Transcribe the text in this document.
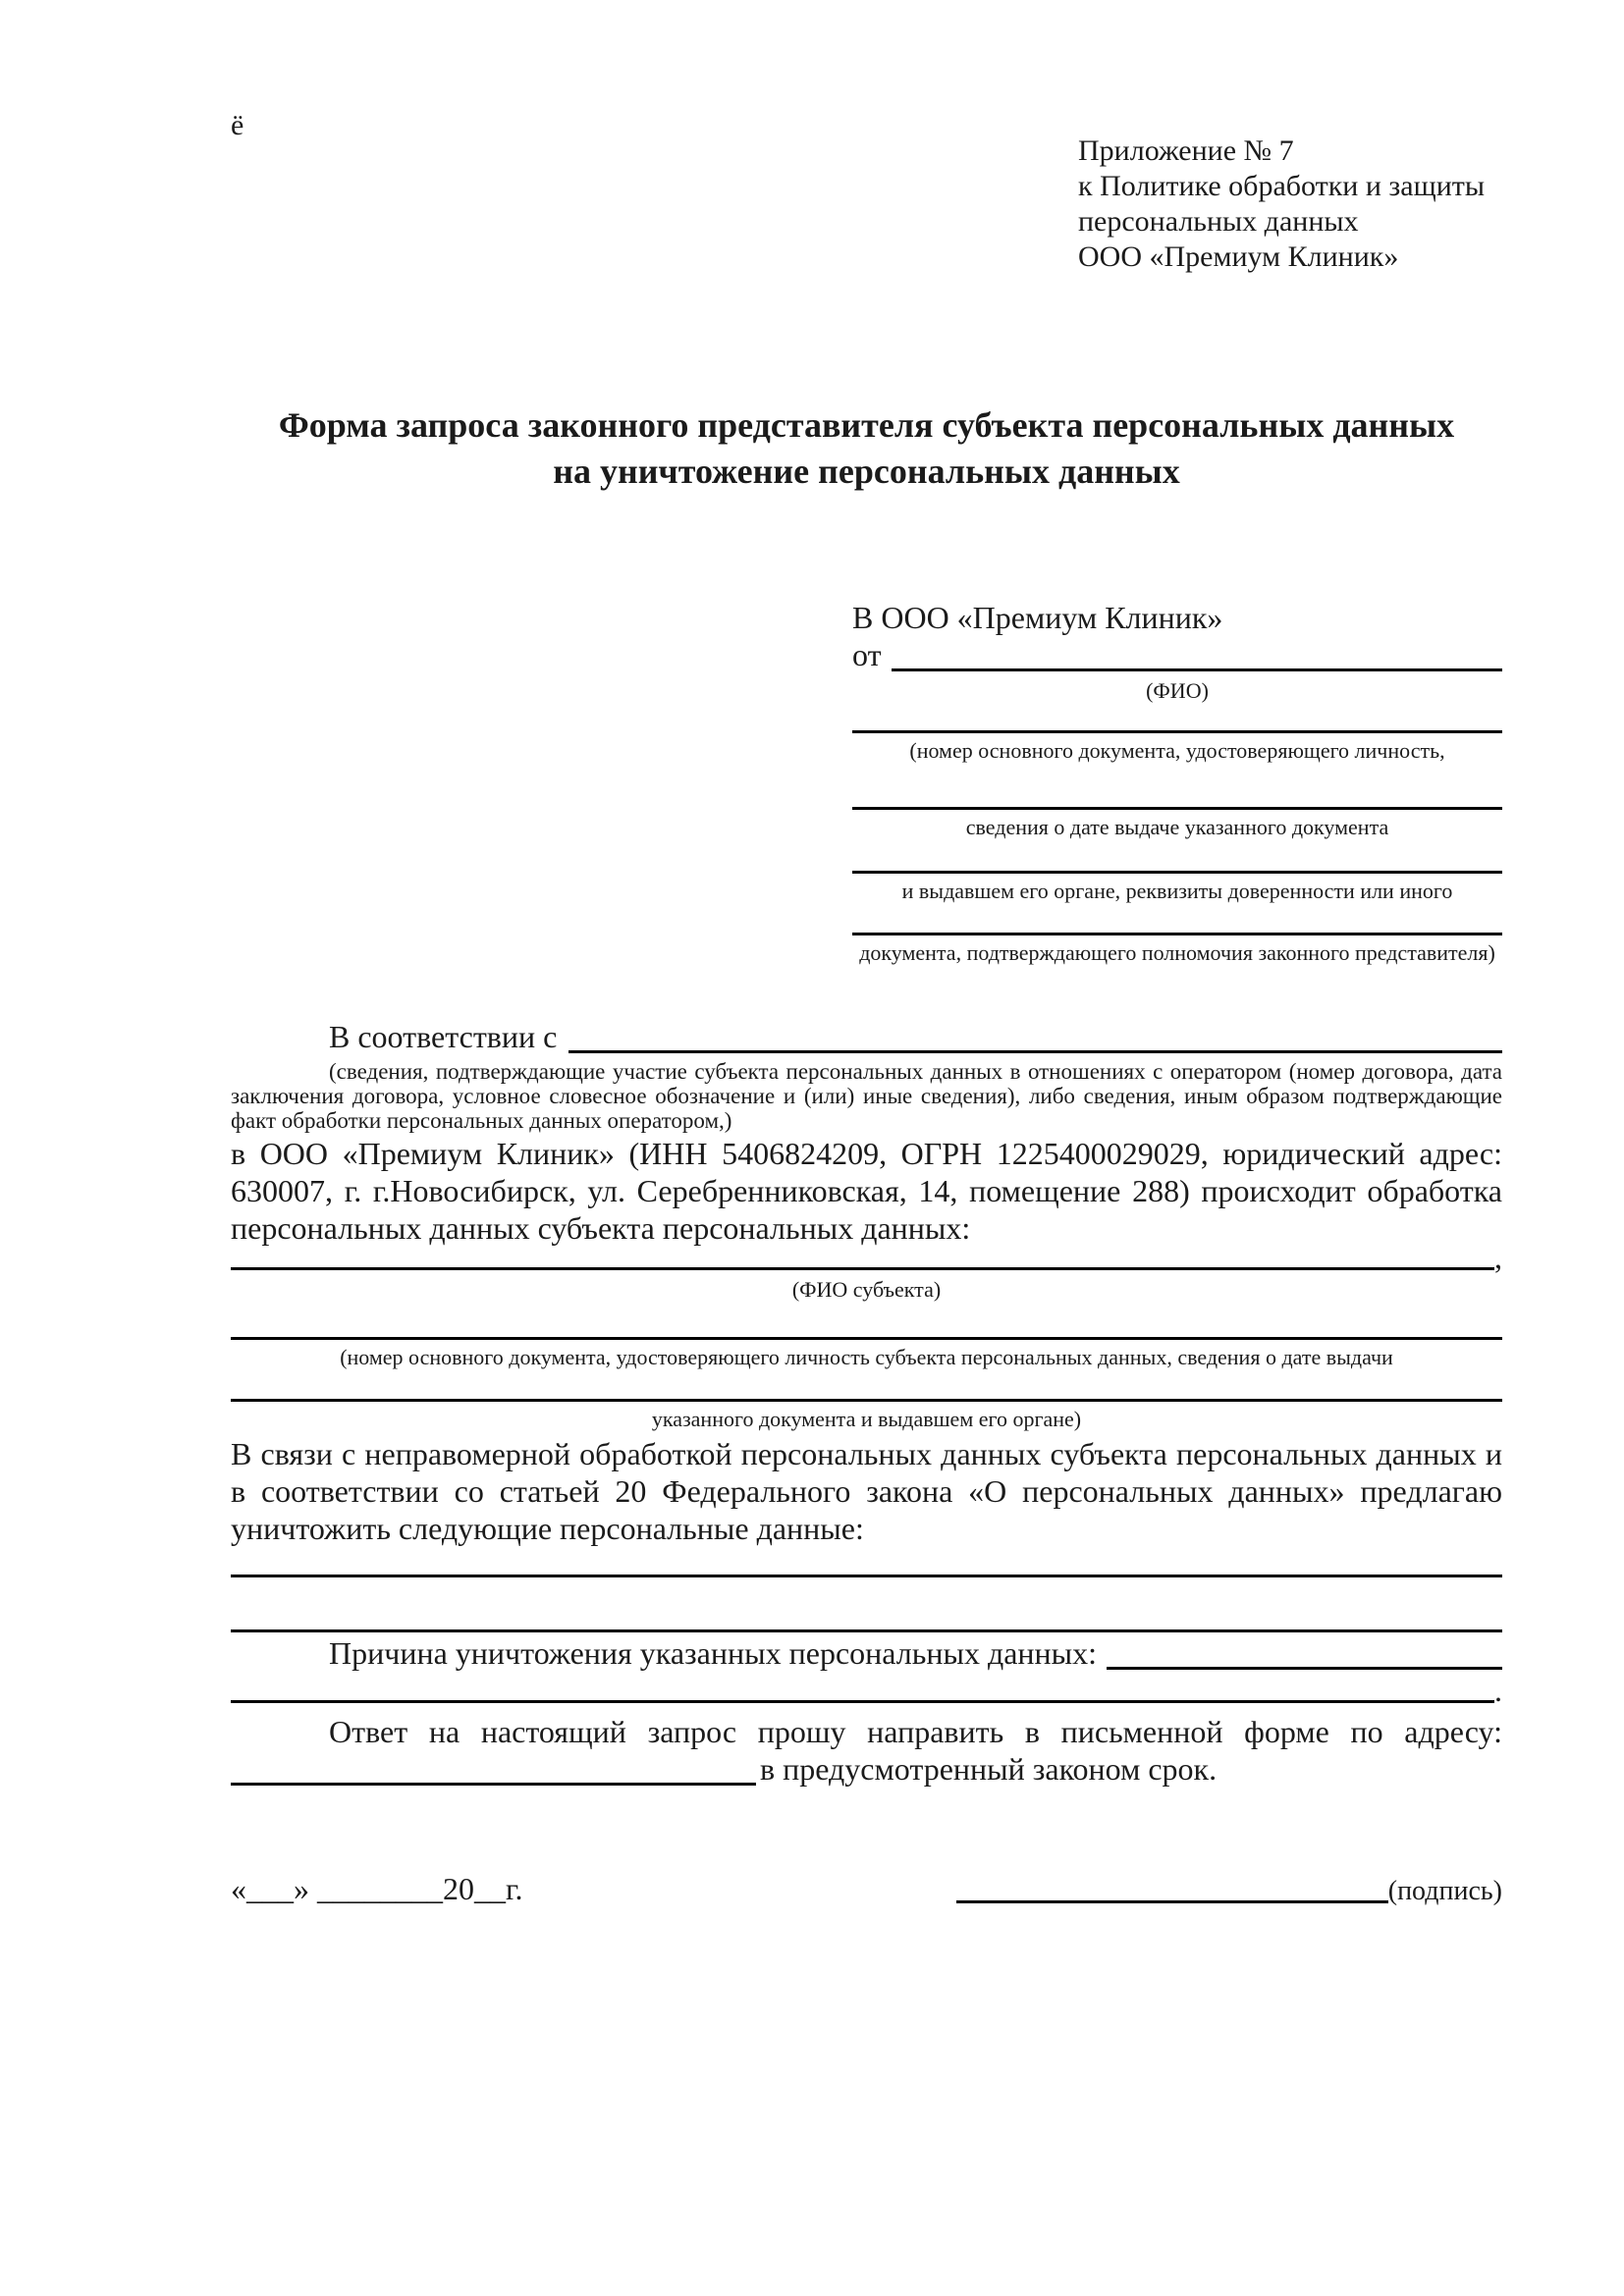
ё
Приложение № 7
к Политике обработки и защиты
персональных данных
ООО «Премиум Клиник»
Форма запроса законного представителя субъекта персональных данных
на уничтожение персональных данных
В ООО «Премиум Клиник»
от
(ФИО)
(номер основного документа, удостоверяющего личность,
сведения о дате выдаче указанного документа
и выдавшем его органе, реквизиты доверенности или иного
документа, подтверждающего полномочия законного представителя)
В соответствии с
(сведения, подтверждающие участие субъекта персональных данных в отношениях с оператором (номер договора, дата заключения договора, условное словесное обозначение и (или) иные сведения), либо сведения, иным образом подтверждающие факт обработки персональных данных оператором,)

в ООО «Премиум Клиник» (ИНН 5406824209, ОГРН 1225400029029, юридический адрес: 630007, г. г.Новосибирск, ул. Серебренниковская, 14, помещение 288) происходит обработка персональных данных субъекта персональных данных:

,
(ФИО субъекта)
(номер основного документа, удостоверяющего личность субъекта персональных данных, сведения о дате выдачи
указанного документа и выдавшем его органе)

В связи с неправомерной обработкой персональных данных субъекта персональных данных и в соответствии со статьей 20 Федерального закона «О персональных данных» предлагаю уничтожить следующие персональные данные:

Причина уничтожения указанных персональных данных:
.
Ответ на настоящий запрос прошу направить в письменной форме по адресу:
в предусмотренный законом срок.
«___» ________20__г.	(подпись)
